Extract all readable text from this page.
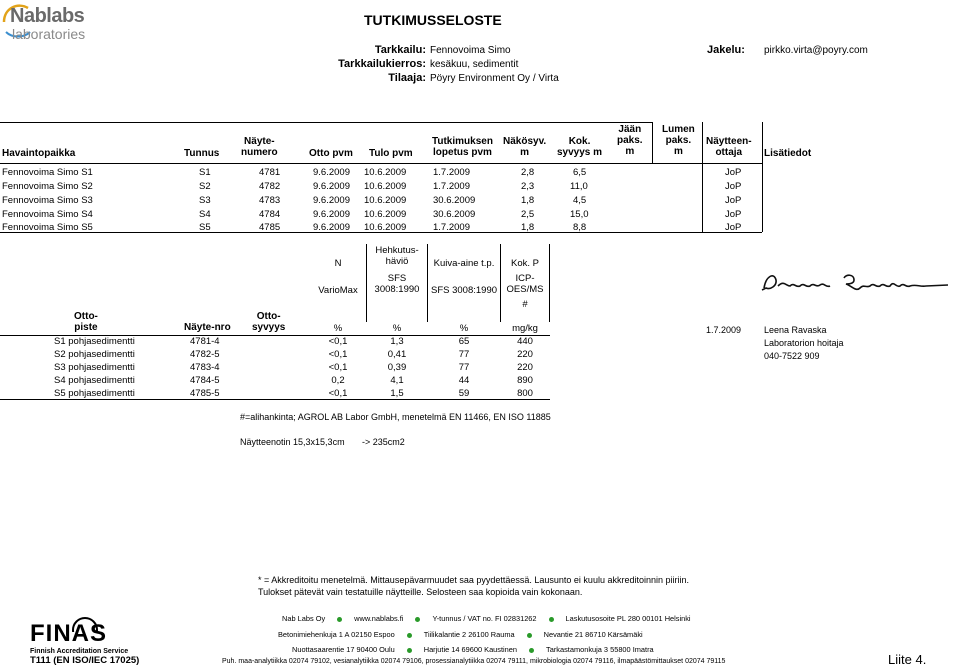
Nablabs
laboratories
TUTKIMUSSELOSTE
Tarkkailu: Fennovoima Simo
Tarkkailukierros: kesäkuu, sedimentit
Tilaaja: Pöyry Environment Oy / Virta
Jakelu: pirkko.virta@poyry.com
Havaintopaikka	Tunnus
Näyte-
numero	Otto pvm Tulo pvm
Tutkimuksen
lopetus pvm
Näkösyv.
m
Kok.
syvyys m
Jään
paks.
m
Lumen
paks.
m
Näytteen-
ottaja	Lisätiedot
Fennovoima Simo S1	S1	4781	9.6.2009 10.6.2009	1.7.2009	2,8	6,5	JoP
Fennovoima Simo S2	S2	4782	9.6.2009 10.6.2009	1.7.2009	2,3	11,0	JoP
Fennovoima Simo S3	S3	4783	9.6.2009 10.6.2009	30.6.2009	1,8	4,5	JoP
Fennovoima Simo S4	S4	4784	9.6.2009 10.6.2009	30.6.2009	2,5	15,0	JoP
Fennovoima Simo S5	S5	4785	9.6.2009 10.6.2009	1.7.2009	1,8	8,8	JoP
N
Hehkutus-
häviö	Kuiva-aine t.p.	Kok. P
VarioMax
SFS
3008:1990	SFS 3008:1990
ICP-
OES/MS
#
Otto-
piste	Näyte-nro
Otto-
syvyys	%	%	%	mg/kg
S1 pohjasedimentti	4781-4	<0,1	1,3	65	440
S2 pohjasedimentti	4782-5	<0,1	0,41	77	220
S3 pohjasedimentti	4783-4	<0,1	0,39	77	220
S4 pohjasedimentti	4784-5	0,2	4,1	44	890
S5 pohjasedimentti	4785-5	<0,1	1,5	59	800
1.7.2009	Leena Ravaska
Laboratorion hoitaja
040-7522 909
#=alihankinta; AGROL AB Labor GmbH, menetelmä EN 11466, EN ISO 11885
Näytteenotin 15,3x15,3cm -> 235cm2
* = Akkreditoitu menetelmä. Mittausepävarmuudet saa pyydettäessä. Lausunto ei kuulu akkreditoinnin piiriin.
Tulokset pätevät vain testatuille näytteille. Selosteen saa kopioida vain kokonaan.
FINAS
Finnish Accreditation Service
T111 (EN ISO/IEC 17025)
Nab Labs Oy	www.nablabs.fi	Y-tunnus / VAT no. FI 02831262	Laskutusosoite PL 280 00101 Helsinki
Betonimiehenkuja 1 A 02150 Espoo	Tiilikalantie 2 26100 Rauma	Nevantie 21 86710 Kärsämäki
Nuottasaarentie 17 90400 Oulu	Harjutie 14 69600 Kaustinen	Tarkastamonkuja 3 55800 Imatra
Puh. maa-analytiikka 02074 79102, vesianalytiikka 02074 79106, prosessianalytiikka 02074 79111, mikrobiologia 02074 79116, ilmapäästömittaukset 02074 79115	Liite 4.
